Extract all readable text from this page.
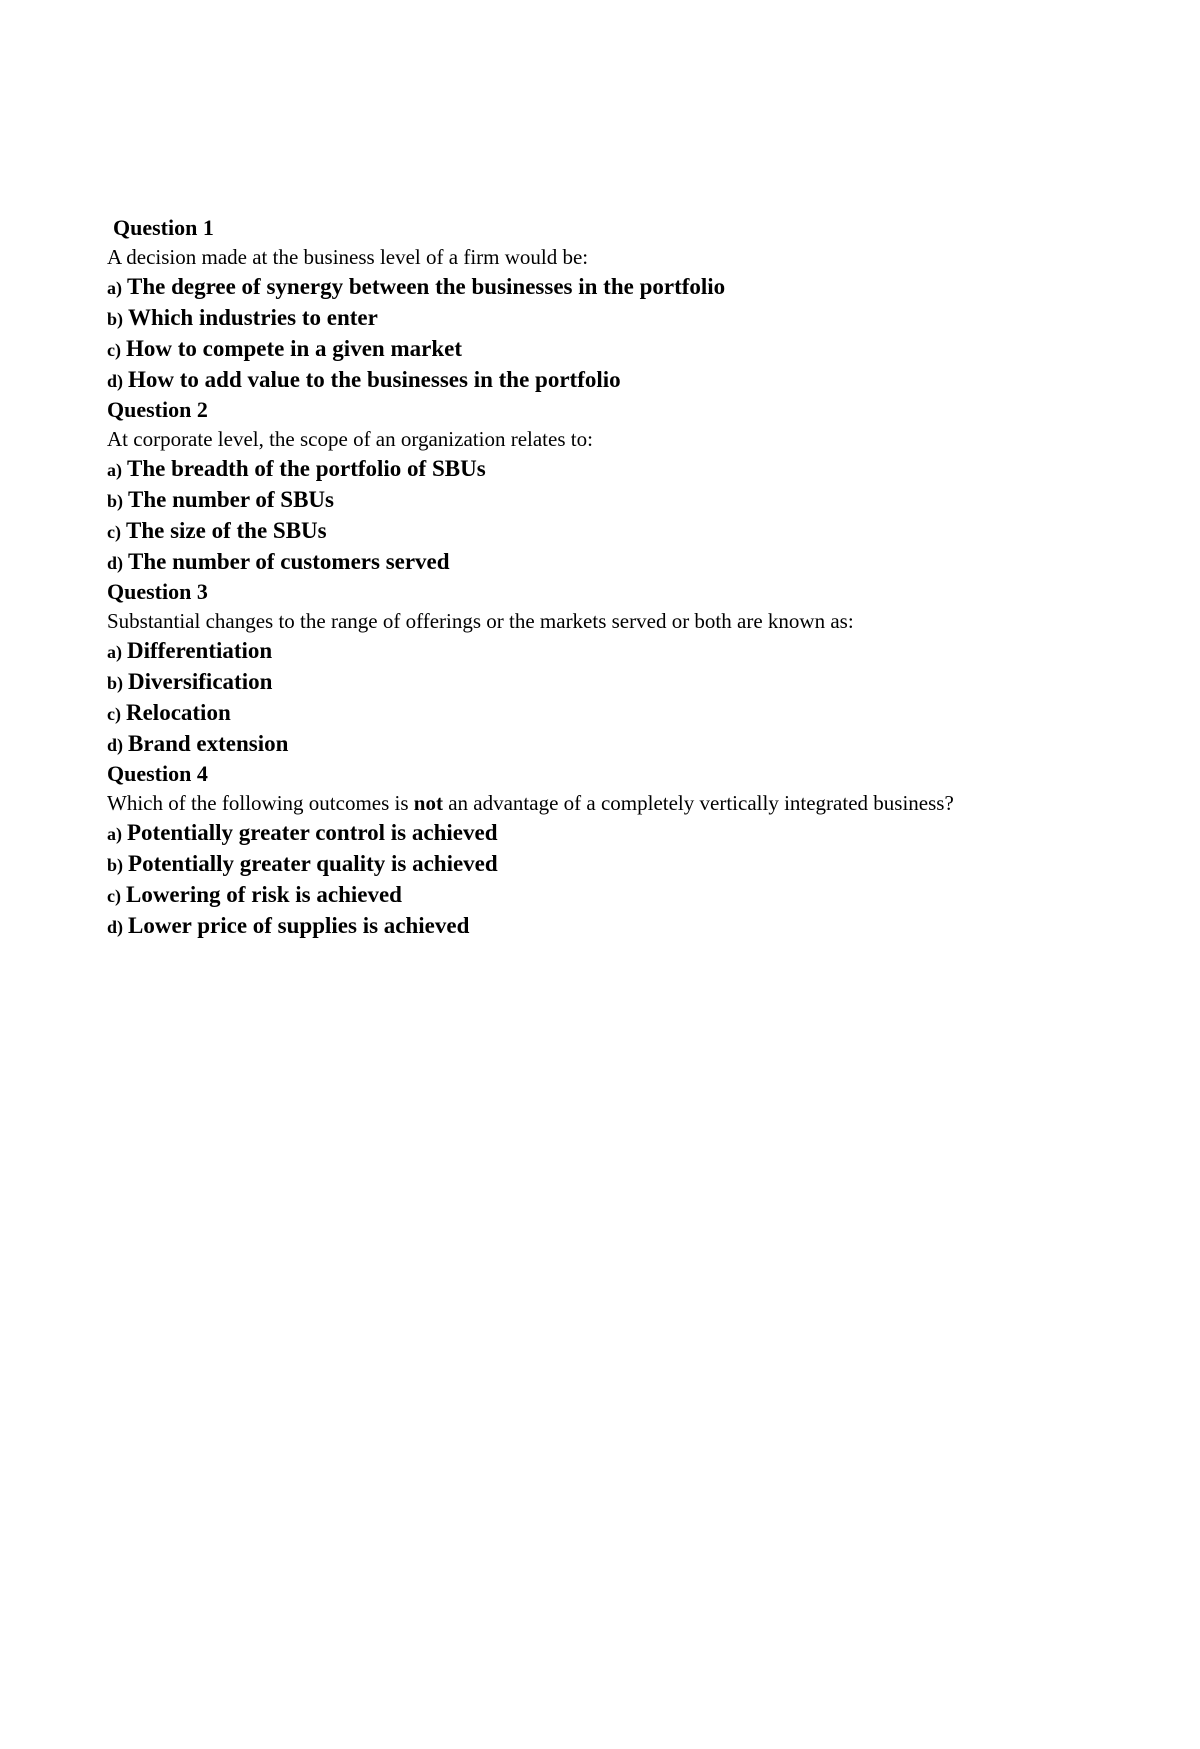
Question 1
A decision made at the business level of a firm would be:
a) The degree of synergy between the businesses in the portfolio
b) Which industries to enter
c) How to compete in a given market
d) How to add value to the businesses in the portfolio
Question 2
At corporate level, the scope of an organization relates to:
a) The breadth of the portfolio of SBUs
b) The number of SBUs
c) The size of the SBUs
d) The number of customers served
Question 3
Substantial changes to the range of offerings or the markets served or both are known as:
a) Differentiation
b) Diversification
c) Relocation
d) Brand extension
Question 4
Which of the following outcomes is not an advantage of a completely vertically integrated business?
a) Potentially greater control is achieved
b) Potentially greater quality is achieved
c) Lowering of risk is achieved
d) Lower price of supplies is achieved
